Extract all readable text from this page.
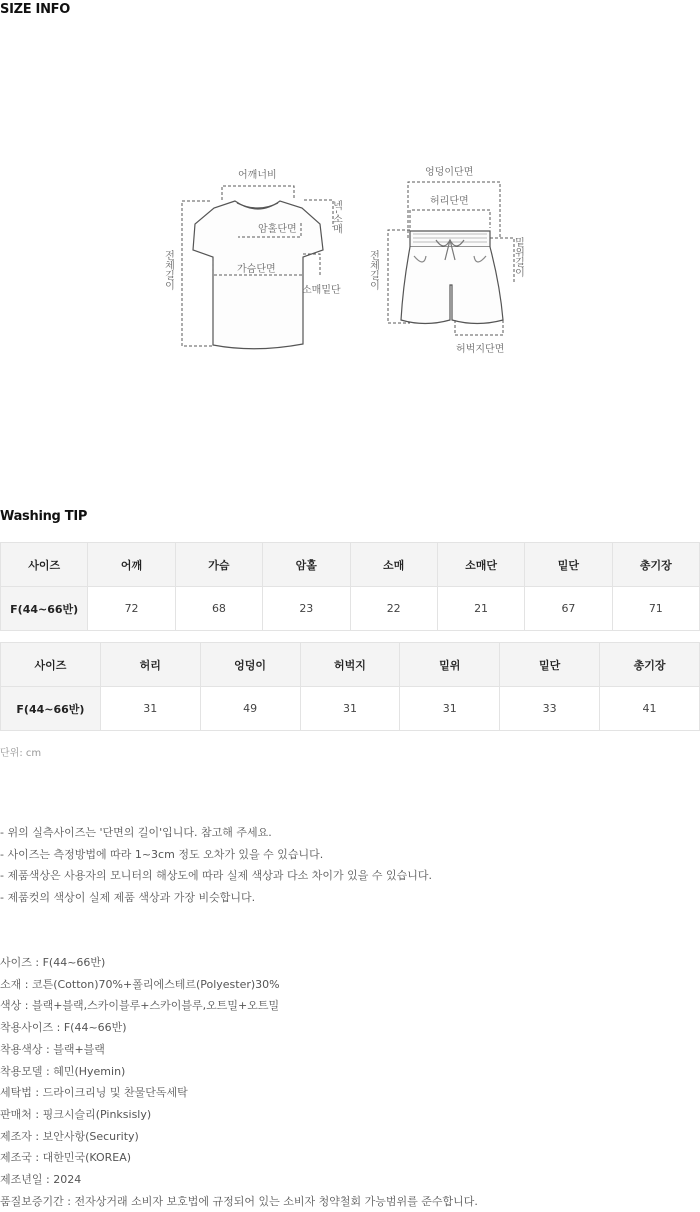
SIZE INFO
어깨너비
암홀단면
가슴단면
소매밑단
넥-소매
전체길이
엉덩이단면
허리단면
밑위길이
전체길이
허벅지단면
Washing TIP
사이즈	어깨	가슴	암홀	소매	소매단	밑단	총기장
F(44~66반)	72	68	23	22	21	67	71
사이즈	허리	엉덩이	허벅지	밑위	밑단	총기장
F(44~66반)	31	49	31	31	33	41
단위: cm
- 위의 실측사이즈는 '단면의 길이'입니다. 참고해 주세요.
- 사이즈는 측정방법에 따라 1~3cm 정도 오차가 있을 수 있습니다.
- 제품색상은 사용자의 모니터의 해상도에 따라 실제 색상과 다소 차이가 있을 수 있습니다.
- 제품컷의 색상이 실제 제품 색상과 가장 비슷합니다.
사이즈 : F(44~66반)
소재 : 코튼(Cotton)70%+폴리에스테르(Polyester)30%
색상 : 블랙+블랙,스카이블루+스카이블루,오트밀+오트밀
착용사이즈 : F(44~66반)
착용색상 : 블랙+블랙
착용모델 : 혜민(Hyemin)
세탁법 : 드라이크리닝 및 찬물단독세탁
판매처 : 핑크시슬리(Pinksisly)
제조자 : 보안사항(Security)
제조국 : 대한민국(KOREA)
제조년일 : 2024
품질보증기간 : 전자상거래 소비자 보호법에 규정되어 있는 소비자 청약철회 가능범위를 준수합니다.
